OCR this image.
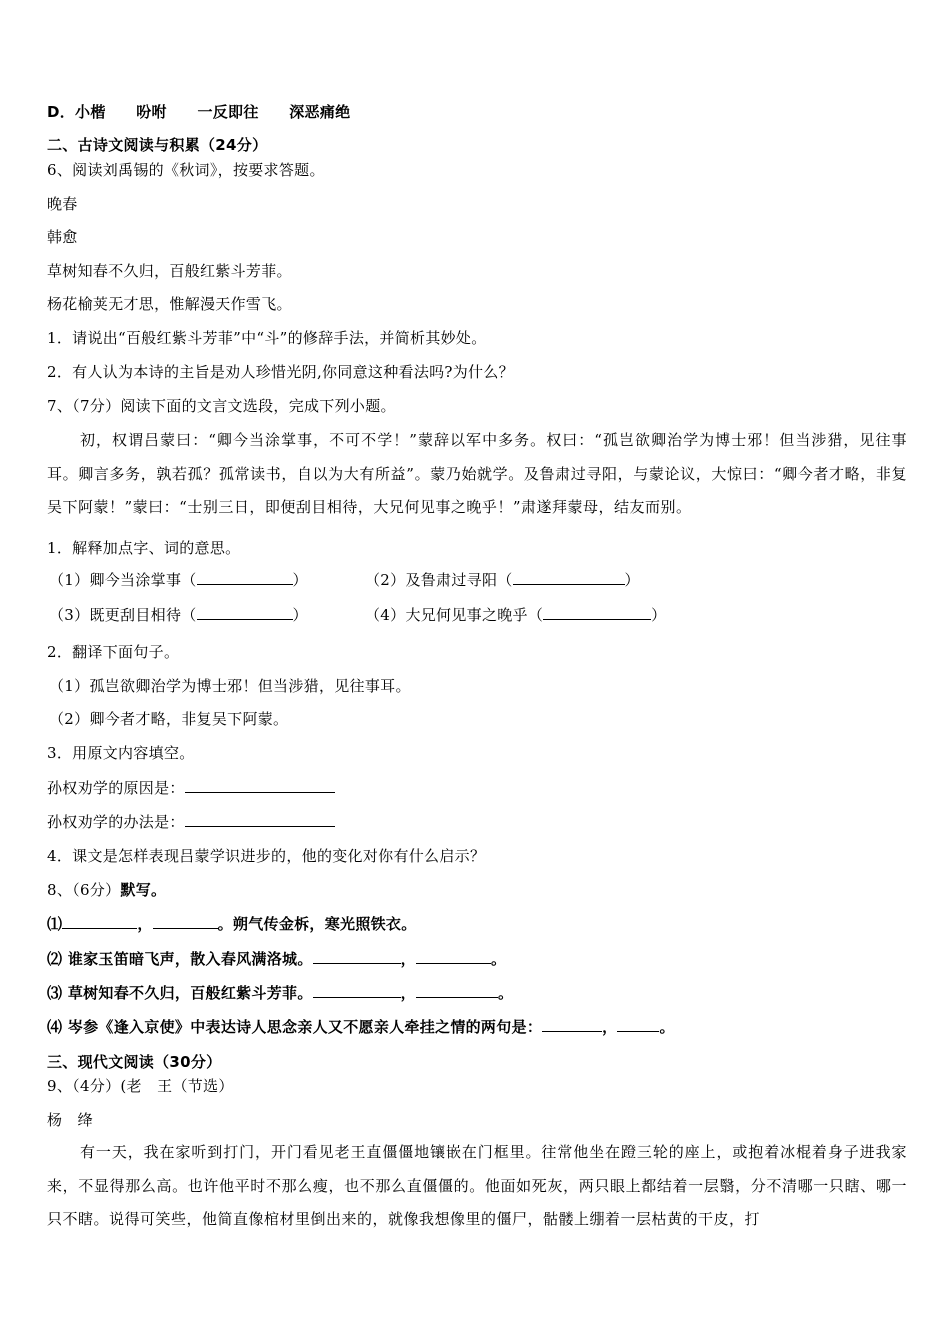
D．小楷　　吩咐　　一反即往　　深恶痛绝
二、古诗文阅读与积累（24分）
6、阅读刘禹锡的《秋词》，按要求答题。
晚春
韩愈
草树知春不久归，百般红紫斗芳菲。
杨花榆荚无才思，惟解漫天作雪飞。
1．请说出“百般红紫斗芳菲”中“斗”的修辞手法，并简析其妙处。
2．有人认为本诗的主旨是劝人珍惜光阴,你同意这种看法吗?为什么？
7、（7分）阅读下面的文言文选段，完成下列小题。
初，权谓吕蒙曰：“卿今当涂掌事，不可不学！”蒙辞以军中多务。权曰：“孤岂欲卿治学为博士邪！但当涉猎，见往事耳。卿言多务，孰若孤？孤常读书，自以为大有所益”。蒙乃始就学。及鲁肃过寻阳，与蒙论议，大惊曰：“卿今者才略，非复吴下阿蒙！”蒙曰：“士别三日，即便刮目相待，大兄何见事之晚乎！”肃遂拜蒙母，结友而别。
1．解释加点字、词的意思。
（1）卿今当涂掌事（	）	（2）及鲁肃过寻阳（	）
（3）既更刮目相待（	）	（4）大兄何见事之晚乎（	）
2．翻译下面句子。
（1）孤岂欲卿治学为博士邪！但当涉猎，见往事耳。
（2）卿今者才略，非复吴下阿蒙。
3．用原文内容填空。
孙权劝学的原因是：
孙权劝学的办法是：
4．课文是怎样表现吕蒙学识进步的，他的变化对你有什么启示？
8、（6分）默写。
⑴	，	。朔气传金柝，寒光照铁衣。
⑵ 谁家玉笛暗飞声，散入春风满洛城。	，	。
⑶ 草树知春不久归，百般红紫斗芳菲。	，	。
⑷ 岑参《逢入京使》中表达诗人思念亲人又不愿亲人牵挂之情的两句是：	，	。
三、现代文阅读（30分）
9、（4分）(老　王（节选）
杨　绛
有一天，我在家听到打门，开门看见老王直僵僵地镶嵌在门框里。往常他坐在蹬三轮的座上，或抱着冰棍着身子进我家来，不显得那么高。也许他平时不那么瘦，也不那么直僵僵的。他面如死灰，两只眼上都结着一层翳，分不清哪一只瞎、哪一只不瞎。说得可笑些，他简直像棺材里倒出来的，就像我想像里的僵尸，骷髅上绷着一层枯黄的干皮，打
